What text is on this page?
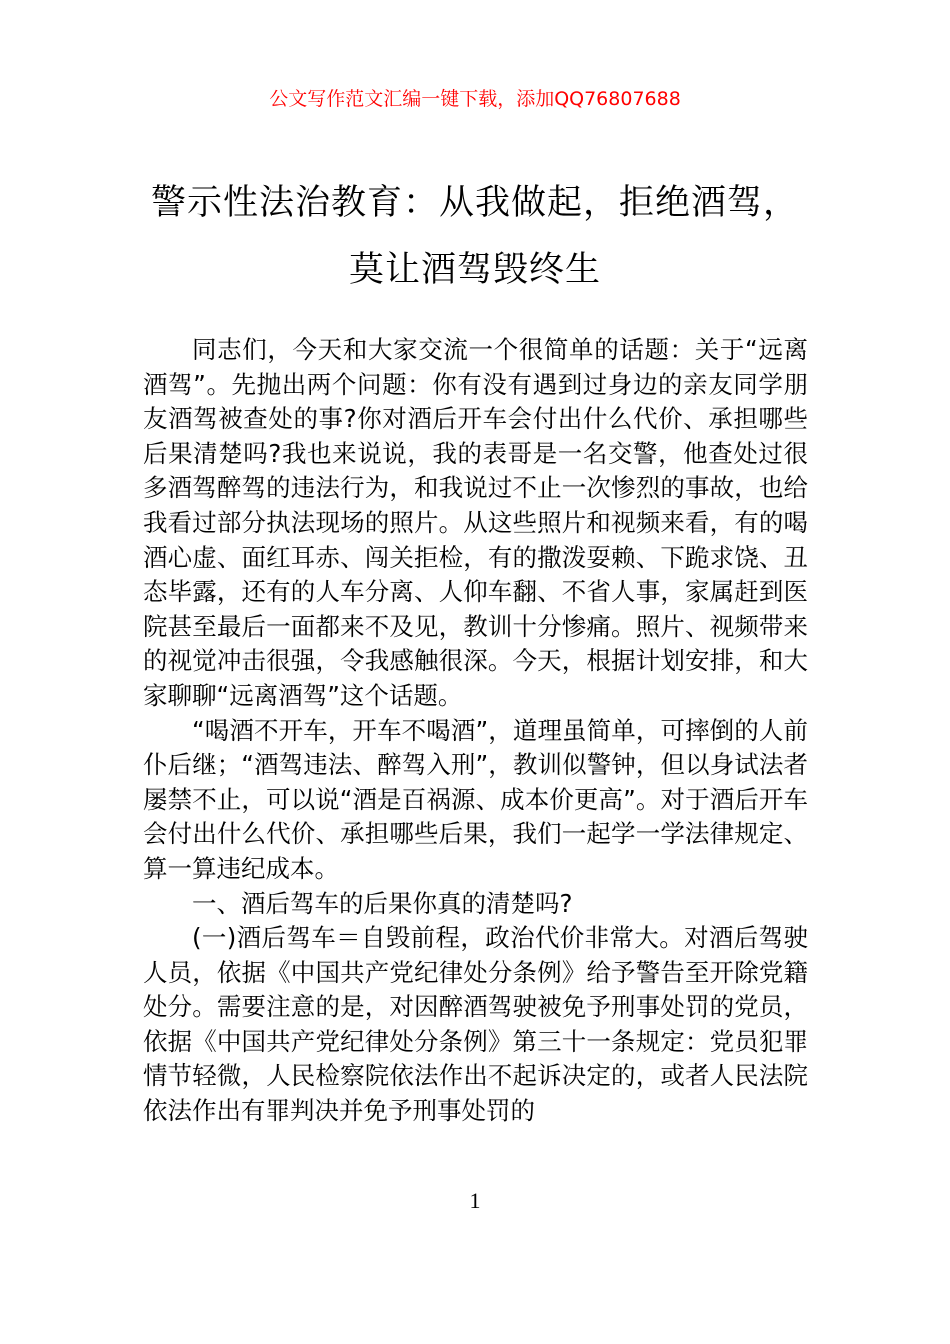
公文写作范文汇编一键下载，添加QQ76807688
警示性法治教育：从我做起，拒绝酒驾，
莫让酒驾毁终生

同志们，今天和大家交流一个很简单的话题：关于“远离酒驾”。先抛出两个问题：你有没有遇到过身边的亲友同学朋友酒驾被查处的事?你对酒后开车会付出什么代价、承担哪些后果清楚吗?我也来说说，我的表哥是一名交警，他查处过很多酒驾醉驾的违法行为，和我说过不止一次惨烈的事故，也给我看过部分执法现场的照片。从这些照片和视频来看，有的喝酒心虚、面红耳赤、闯关拒检，有的撒泼耍赖、下跪求饶、丑态毕露，还有的人车分离、人仰车翻、不省人事，家属赶到医院甚至最后一面都来不及见，教训十分惨痛。照片、视频带来的视觉冲击很强，令我感触很深。今天，根据计划安排，和大家聊聊“远离酒驾”这个话题。

“喝酒不开车，开车不喝酒”，道理虽简单，可摔倒的人前仆后继；“酒驾违法、醉驾入刑”，教训似警钟，但以身试法者屡禁不止，可以说“酒是百祸源、成本价更高”。对于酒后开车会付出什么代价、承担哪些后果，我们一起学一学法律规定、算一算违纪成本。

一、酒后驾车的后果你真的清楚吗?

(一)酒后驾车＝自毁前程，政治代价非常大。对酒后驾驶人员，依据《中国共产党纪律处分条例》给予警告至开除党籍处分。需要注意的是，对因醉酒驾驶被免予刑事处罚的党员，依据《中国共产党纪律处分条例》第三十一条规定：党员犯罪情节轻微，人民检察院依法作出不起诉决定的，或者人民法院依法作出有罪判决并免予刑事处罚的

1
